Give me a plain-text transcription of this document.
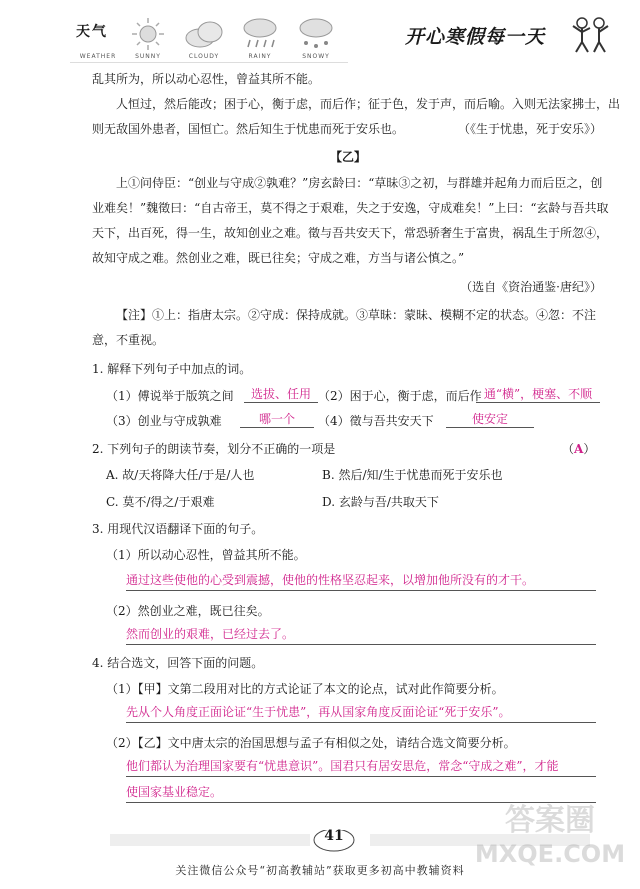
天气
WEATHER	SUNNY	CLOUDY	RAINY	SNOWY
开心寒假每一天
乱其所为，所以动心忍性，曾益其所不能。
人恒过，然后能改；困于心，衡于虑，而后作；征于色，发于声，而后喻。入则无法家拂士，出
则无敌国外患者，国恒亡。然后知生于忧患而死于安乐也。	（《生于忧患，死于安乐》）
【乙】
上①问侍臣：“创业与守成②孰难？”房玄龄曰：“草昧③之初，与群雄并起角力而后臣之，创
业难矣！”魏徵曰：“自古帝王，莫不得之于艰难，失之于安逸，守成难矣！”上曰：“玄龄与吾共取
天下，出百死，得一生，故知创业之难。徵与吾共安天下，常恐骄奢生于富贵，祸乱生于所忽④，
故知守成之难。然创业之难，既已往矣；守成之难，方当与诸公慎之。”
（选自《资治通鉴·唐纪》）
【注】①上：指唐太宗。②守成：保持成就。③草昧：蒙昧、模糊不定的状态。④忽：不注
意，不重视。
1. 解释下列句子中加点的词。
（1）傅说举于版筑之间	选拔、任用 （2）困于心，衡于虑，而后作 通“横”，梗塞、不顺
（3）创业与守成孰难	哪一个	（4）徵与吾共安天下	使安定
2. 下列句子的朗读节奏，划分不正确的一项是	（A）
A. 故/天将降大任/于是/人也	B. 然后/知/生于忧患而死于安乐也
C. 莫不/得之/于艰难	D. 玄龄与吾/共取天下
3. 用现代汉语翻译下面的句子。
（1）所以动心忍性，曾益其所不能。
通过这些使他的心受到震撼，使他的性格坚忍起来，以增加他所没有的才干。
（2）然创业之难，既已往矣。
然而创业的艰难，已经过去了。
4. 结合选文，回答下面的问题。
（1）【甲】文第二段用对比的方式论证了本文的论点，试对此作简要分析。
先从个人角度正面论证“生于忧患”，再从国家角度反面论证“死于安乐”。
（2）【乙】文中唐太宗的治国思想与孟子有相似之处，请结合选文简要分析。
他们都认为治理国家要有“忧患意识”。国君只有居安思危，常念“守成之难”，才能
使国家基业稳定。
41
关注微信公众号“初高教辅站”获取更多初高中教辅资料
答案圈
MXQE.COM
